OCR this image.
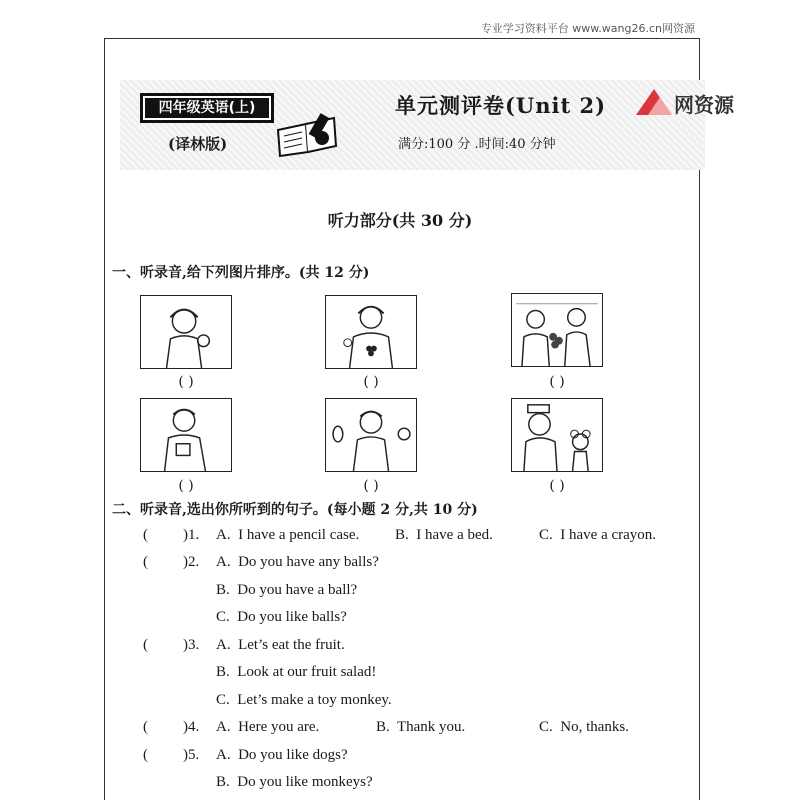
专业学习资料平台 www.wang26.cn网资源
四年级英语(上)
(译林版)
单元测评卷(Unit 2)
满分:100 分 .时间:40 分钟
网资源
听力部分(共 30 分)
一、听录音,给下列图片排序。(共 12 分)
( )	( )	( )
( )	( )	( )
二、听录音,选出你所听到的句子。(每小题 2 分,共 10 分)
( )1. A.  I have a pencil case. B.  I have a bed.	C.  I have a crayon.
( )2. A.  Do you have any balls?
B.  Do you have a ball?
C.  Do you like balls?
( )3. A.  Let’s eat the fruit.
B.  Look at our fruit salad!
C.  Let’s make a toy monkey.
( )4. A.  Here you are.	B.  Thank you.	C.  No, thanks.
( )5. A.  Do you like dogs?
B.  Do you like monkeys?
